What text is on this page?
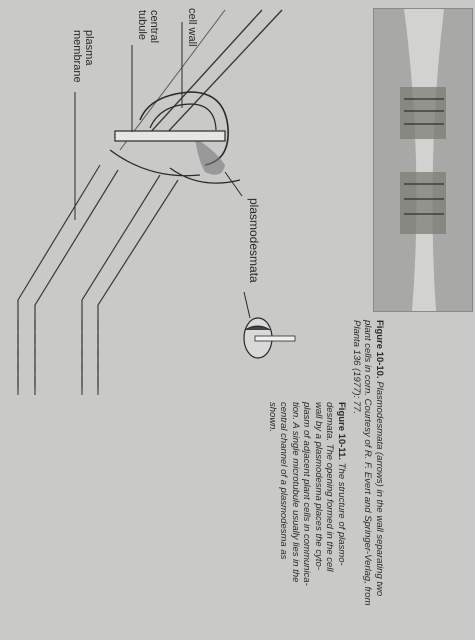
cell wall
central
tubule
plasma
membrane
plasmodesmata
Figure 10-10. Plasmodesmata (arrows) in the wall separating two
plant cells in corn. Courtesy of R. F. Evert and Springer-Verlag, from
Planta 136 (1977): 77.
Figure 10-11. The structure of plasmo-
desmata. The opening formed in the cell
wall by a plasmodesma places the cyto-
plasm of adjacent plant cells in communica-
tion. A single microtubule usually lies in the
central channel of a plasmodesma as
shown.
